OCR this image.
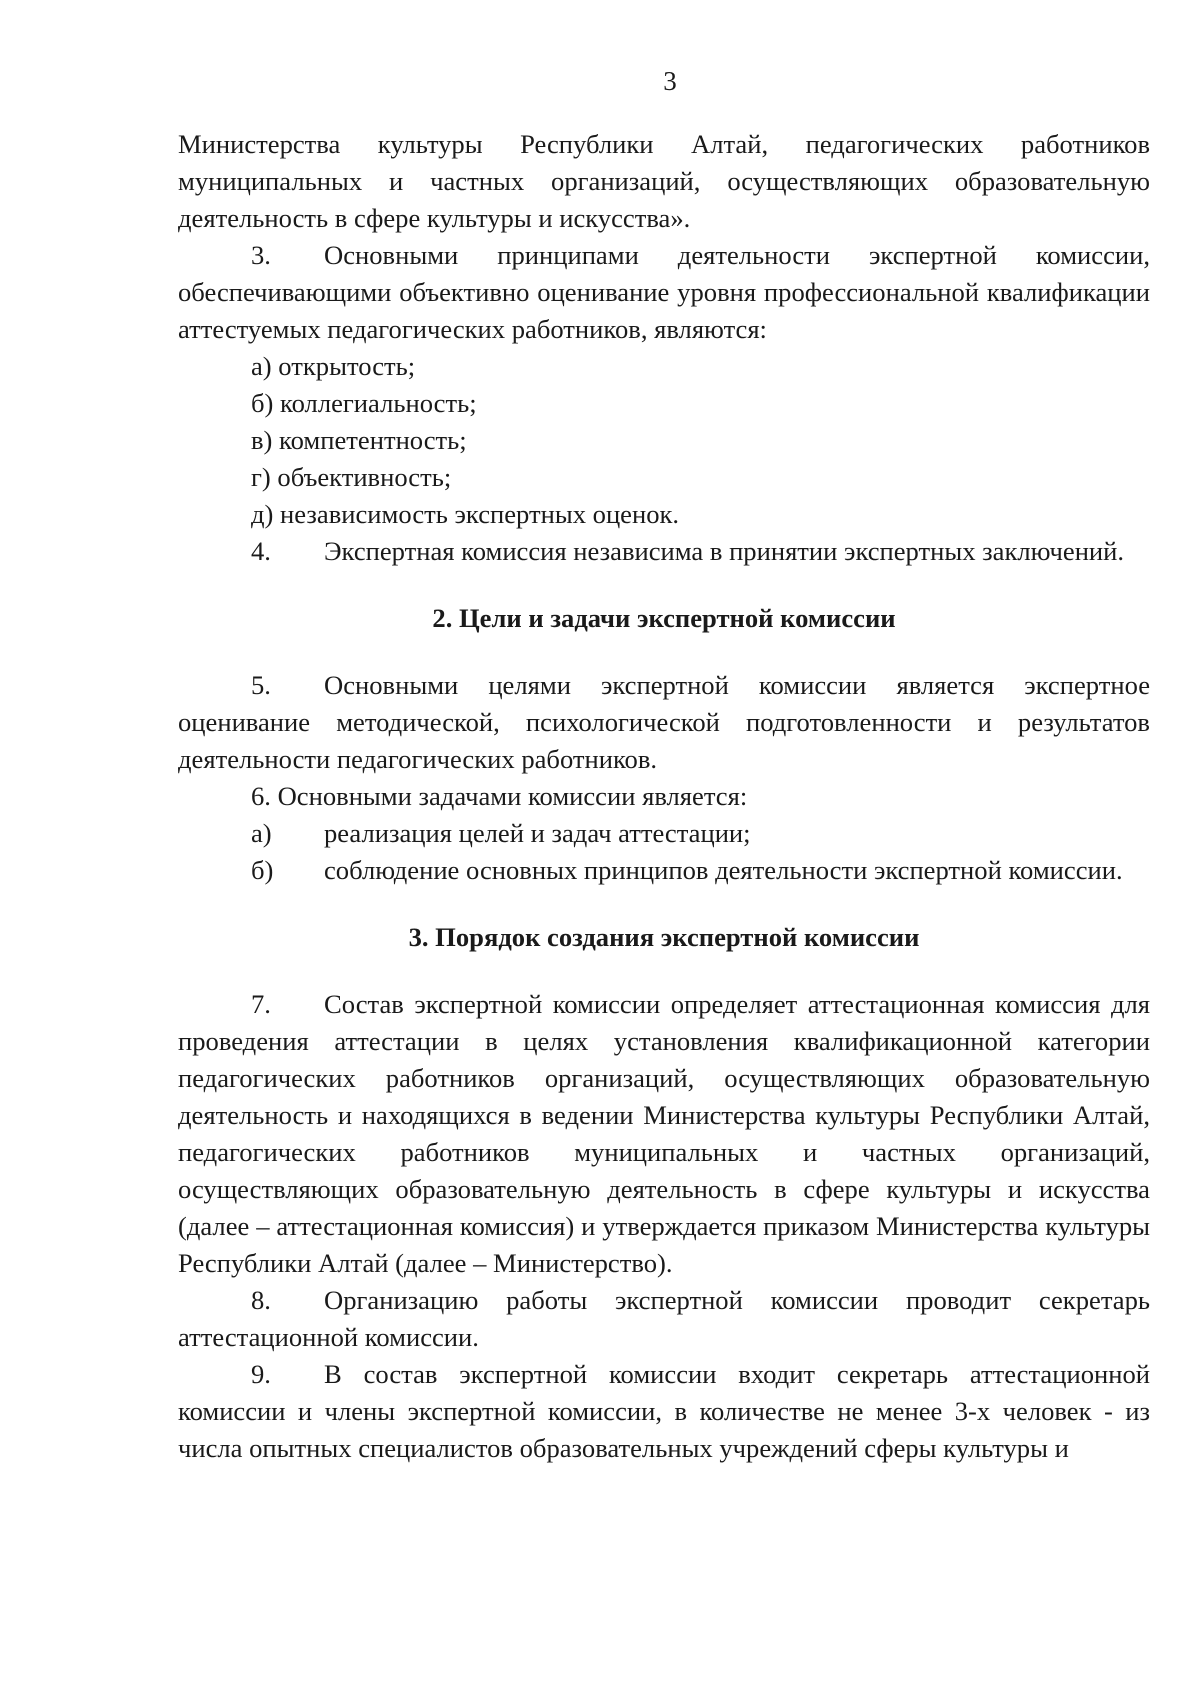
3

Министерства культуры Республики Алтай, педагогических работников муниципальных и частных организаций, осуществляющих образовательную деятельность в сфере культуры и искусства».

3. Основными принципами деятельности экспертной комиссии, обеспечивающими объективно оценивание уровня профессиональной квалификации аттестуемых педагогических работников, являются:

а) открытость;

б) коллегиальность;

в) компетентность;

г) объективность;

д) независимость экспертных оценок.

4. Экспертная комиссия независима в принятии экспертных заключений.

2. Цели и задачи экспертной комиссии

5. Основными целями экспертной комиссии является экспертное оценивание методической, психологической подготовленности и результатов деятельности педагогических работников.

6. Основными задачами комиссии является:

а) реализация целей и задач аттестации;

б) соблюдение основных принципов деятельности экспертной комиссии.

3. Порядок создания экспертной комиссии

7. Состав экспертной комиссии определяет аттестационная комиссия для проведения аттестации в целях установления квалификационной категории педагогических работников организаций, осуществляющих образовательную деятельность и находящихся в ведении Министерства культуры Республики Алтай, педагогических работников муниципальных и частных организаций, осуществляющих образовательную деятельность в сфере культуры и искусства (далее – аттестационная комиссия) и утверждается приказом Министерства культуры Республики Алтай (далее – Министерство).

8. Организацию работы экспертной комиссии проводит секретарь аттестационной комиссии.

9. В состав экспертной комиссии входит секретарь аттестационной комиссии и члены экспертной комиссии, в количестве не менее 3-х человек - из числа опытных специалистов образовательных учреждений сферы культуры и
